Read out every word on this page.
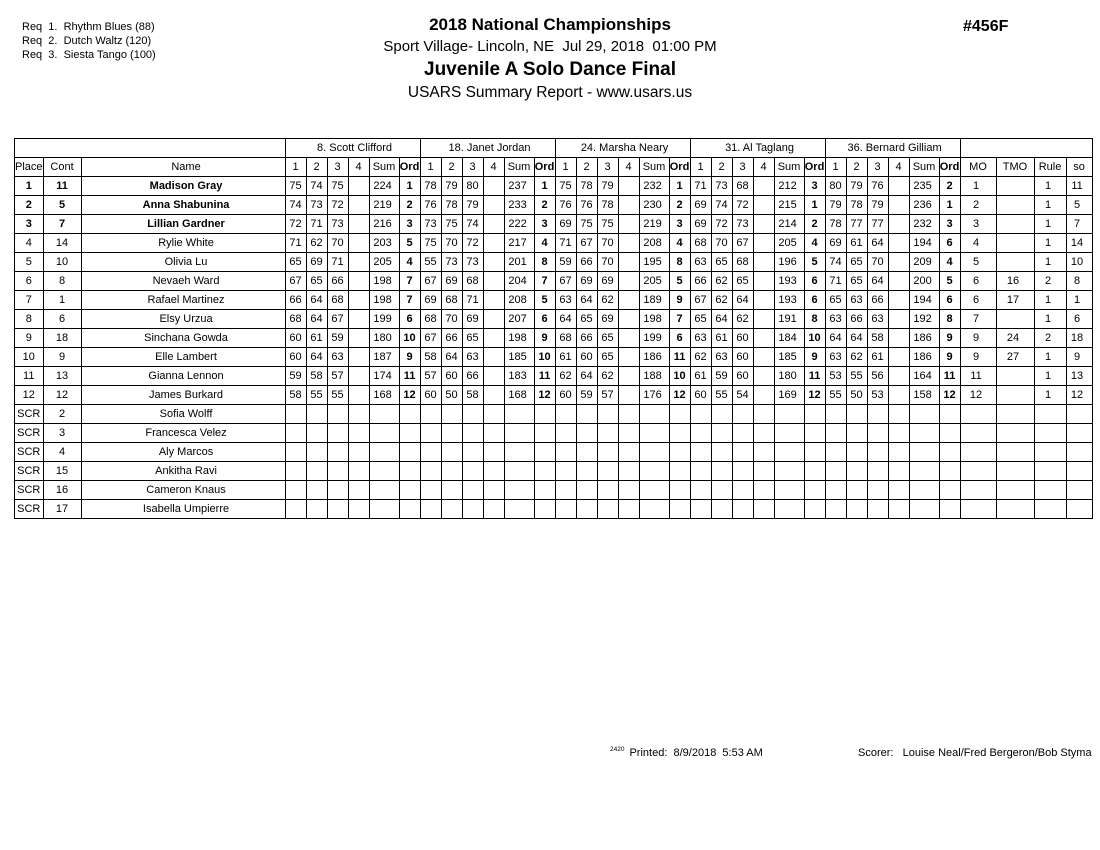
Req  1.  Rhythm Blues (88)
Req  2.  Dutch Waltz (120)
Req  3.  Siesta Tango (100)
2018 National Championships
Sport Village- Lincoln, NE  Jul 29, 2018  01:00 PM
Juvenile A Solo Dance Final
USARS Summary Report - www.usars.us
#456F
			8. Scott Clifford						18. Janet Jordan						24. Marsha Neary						31. Al Taglang						36. Bernard Gilliam									
Place	Cont	Name	1	2	3	4	Sum	Ord	1	2	3	4	Sum	Ord	1	2	3	4	Sum	Ord	1	2	3	4	Sum	Ord	1	2	3	4	Sum	Ord	MO	TMO	Rule	so
1	11	Madison Gray	75	74	75		224	1	78	79	80		237	1	75	78	79		232	1	71	73	68		212	3	80	79	76		235	2	1		1	11
2	5	Anna Shabunina	74	73	72		219	2	76	78	79		233	2	76	76	78		230	2	69	74	72		215	1	79	78	79		236	1	2		1	5
3	7	Lillian Gardner	72	71	73		216	3	73	75	74		222	3	69	75	75		219	3	69	72	73		214	2	78	77	77		232	3	3		1	7
4	14	Rylie White	71	62	70		203	5	75	70	72		217	4	71	67	70		208	4	68	70	67		205	4	69	61	64		194	6	4		1	14
5	10	Olivia Lu	65	69	71		205	4	55	73	73		201	8	59	66	70		195	8	63	65	68		196	5	74	65	70		209	4	5		1	10
6	8	Nevaeh Ward	67	65	66		198	7	67	69	68		204	7	67	69	69		205	5	66	62	65		193	6	71	65	64		200	5	6	16	2	8
7	1	Rafael Martinez	66	64	68		198	7	69	68	71		208	5	63	64	62		189	9	67	62	64		193	6	65	63	66		194	6	6	17	1	1
8	6	Elsy Urzua	68	64	67		199	6	68	70	69		207	6	64	65	69		198	7	65	64	62		191	8	63	66	63		192	8	7		1	6
9	18	Sinchana Gowda	60	61	59		180	10	67	66	65		198	9	68	66	65		199	6	63	61	60		184	10	64	64	58		186	9	9	24	2	18
10	9	Elle Lambert	60	64	63		187	9	58	64	63		185	10	61	60	65		186	11	62	63	60		185	9	63	62	61		186	9	9	27	1	9
11	13	Gianna Lennon	59	58	57		174	11	57	60	66		183	11	62	64	62		188	10	61	59	60		180	11	53	55	56		164	11	11		1	13
12	12	James Burkard	58	55	55		168	12	60	50	58		168	12	60	59	57		176	12	60	55	54		169	12	55	50	53		158	12	12		1	12
SCR	2	Sofia Wolff																																		
SCR	3	Francesca Velez																																		
SCR	4	Aly Marcos																																		
SCR	15	Ankitha Ravi																																		
SCR	16	Cameron Knaus																																		
SCR	17	Isabella Umpierre																																		
$^{2420}$ Printed:  8/9/2018  5:53 AM	Scorer:   Louise Neal/Fred Bergeron/Bob Styma
